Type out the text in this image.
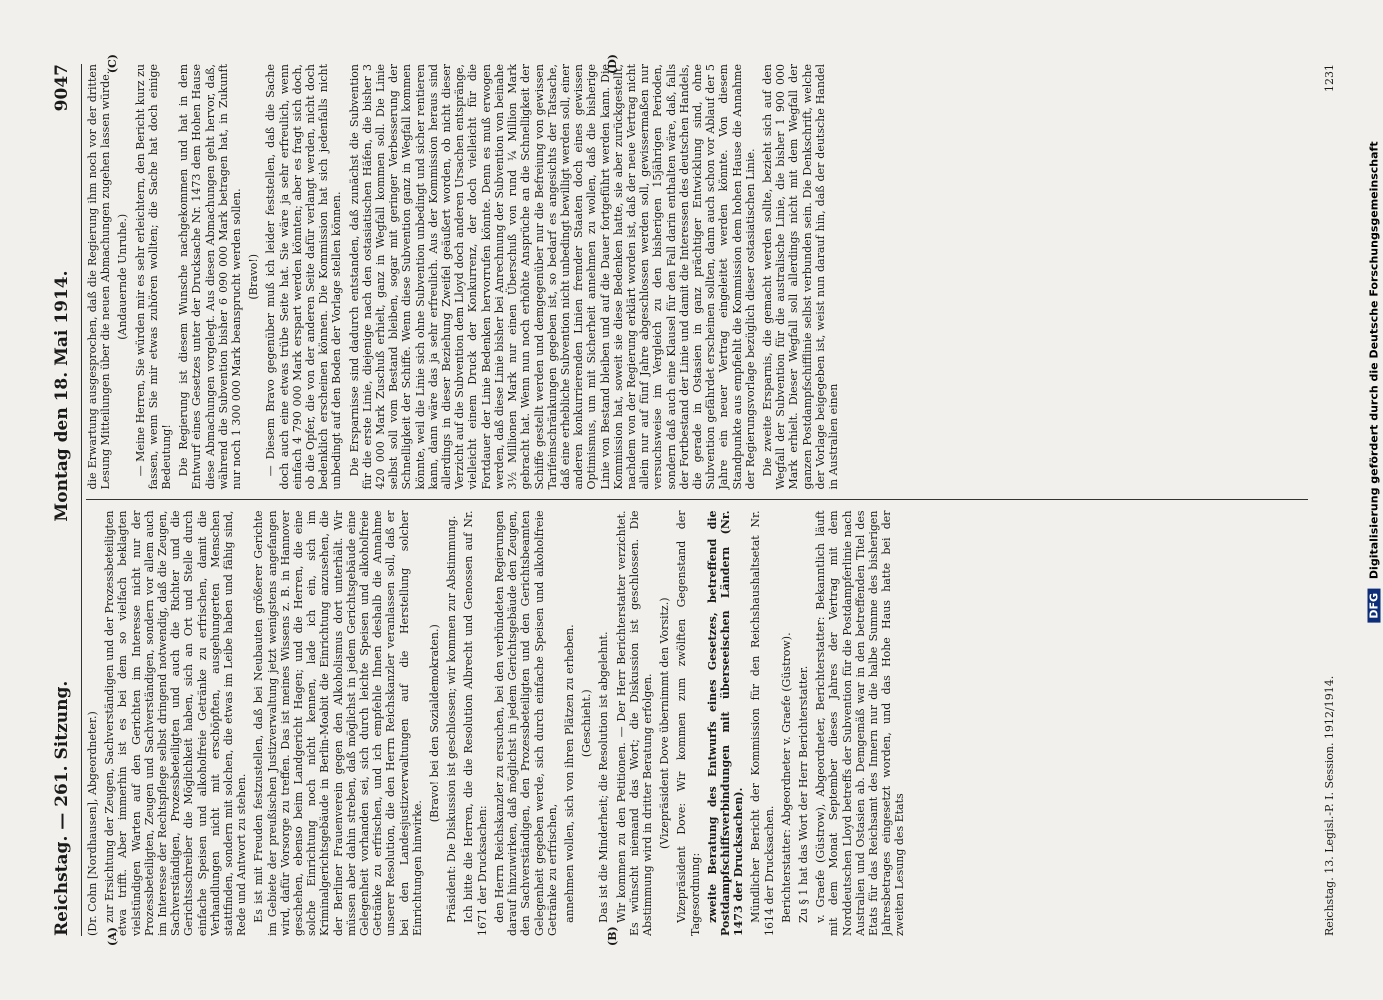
Reichstag. — 261. Sitzung.
Montag den 18. Mai 1914.
9047
(A)	(B)
(C)	(D)

(Dr. Cohn [Nordhausen], Abgeordneter.) zur Ersichtung der Zeugen, Sachverständigen und der Prozessbeteiligten etwa trifft. Aber immerhin ist es bei dem so vielfach beklagten vielstündigen Warten auf den Gerichten im Interesse nicht nur der Prozessbeteiligten, Zeugen und Sachverständigen, sondern vor allem auch im Interesse der Rechtspflege selbst dringend notwendig, daß die Zeugen, Sachverständigen, Prozessbeteiligten und auch die Richter und die Gerichtsschreiber die Möglichkeit haben, sich an Ort und Stelle durch einfache Speisen und alkoholfreie Getränke zu erfrischen, damit die Verhandlungen nicht mit erschöpften, ausgehungerten Menschen stattfinden, sondern mit solchen, die etwas im Leibe haben und fähig sind, Rede und Antwort zu stehen. Es ist mit Freuden festzustellen, daß bei Neubauten größerer Gerichte im Gebiete der preußischen Justizverwaltung jetzt wenigstens angefangen wird, dafür Vorsorge zu treffen. Das ist meines Wissens z. B. in Hannover geschehen, ebenso beim Landgericht Hagen; und die Herren, die eine solche Einrichtung noch nicht kennen, lade ich ein, sich im Kriminalgerichtsgebäude in Berlin-Moabit die Einrichtung anzusehen, die der Berliner Frauenverein gegen den Alkoholismus dort unterhält. Wir müssen aber dahin streben, daß möglichst in jedem Gerichtsgebäude eine Gelegenheit vorhanden sei, sich durch leichte Speisen und alkoholfreie Getränke zu erfrischen, und ich empfehle Ihnen deshalb die Annahme unserer Resolution, die den Herrn Reichskanzler veranlassen soll, daß er bei den Landesjustizverwaltungen auf die Herstellung solcher Einrichtungen hinwirke.

(Bravo! bei den Sozialdemokraten.) Präsident: Die Diskussion ist geschlossen; wir kommen zur Abstimmung. Ich bitte die Herren, die die Resolution Albrecht und Genossen auf Nr. 1671 der Drucksachen: den Herrn Reichskanzler zu ersuchen, bei den verbündeten Regierungen darauf hinzuwirken, daß möglichst in jedem Gerichtsgebäude den Zeugen, den Sachverständigen, den Prozessbeteiligten und den Gerichtsbeamten Gelegenheit gegeben werde, sich durch einfache Speisen und alkoholfreie Getränke zu erfrischen, annehmen wollen, sich von ihren Plätzen zu erheben. (Geschieht.) Das ist die Minderheit; die Resolution ist abgelehnt. Wir kommen zu den Petitionen. — Der Herr Berichterstatter verzichtet. Es wünscht niemand das Wort; die Diskussion ist geschlossen. Die Abstimmung wird in dritter Beratung erfolgen. (Vizepräsident Dove übernimmt den Vorsitz.) Vizepräsident Dove: Wir kommen zum zwölften Gegenstand der Tagesordnung: zweite Beratung des Entwurfs eines Gesetzes, betreffend die Postdampfschiffsverbindungen mit überseeischen Ländern (Nr. 1473 der Drucksachen). Mündlicher Bericht der Kommission für den Reichshaushaltsetat Nr. 1614 der Drucksachen. Berichterstatter: Abgeordneter v. Graefe (Güstrow). Zu § 1 hat das Wort der Herr Berichterstatter. v. Graefe (Güstrow), Abgeordneter, Berichterstatter: Bekanntlich läuft mit dem Monat September dieses Jahres der Vertrag mit dem Norddeutschen Lloyd betreffs der Subvention für die Postdampferlinie nach Australien und Ostasien ab. Demgemäß war in den betreffenden Titel des Etats für das Reichsamt des Innern nur die halbe Summe des bisherigen Jahresbetrages eingesetzt worden, und das Hohe Haus hatte bei der zweiten Lesung des Etats

die Erwartung ausgesprochen, daß die Regierung ihm noch vor der dritten Lesung Mitteilungen über die neuen Abmachungen zugehen lassen würde. (Andauernde Unruhe.) — Meine Herren, Sie würden mir es sehr erleichtern, den Bericht kurz zu fassen, wenn Sie mir etwas zuhören wollten; die Sache hat doch einige Bedeutung! Die Regierung ist diesem Wunsche nachgekommen und hat in dem Entwurf eines Gesetzes unter der Drucksache Nr. 1473 dem Hohen Hause diese Abmachungen vorgelegt. Aus diesen Abmachungen geht hervor, daß, während die Subvention bisher 6 090 000 Mark betragen hat, in Zukunft nur noch 1 300 000 Mark beansprucht werden sollen. (Bravo!) — Diesem Bravo gegenüber muß ich leider feststellen, daß die Sache doch auch eine etwas trübe Seite hat. Sie wäre ja sehr erfreulich, wenn einfach 4 790 000 Mark erspart werden könnten; aber es fragt sich doch, ob die Opfer, die von der anderen Seite dafür verlangt werden, nicht doch bedenklich erscheinen können. Die Kommission hat sich jedenfalls nicht unbedingt auf den Boden der Vorlage stellen können. Die Ersparnisse sind dadurch entstanden, daß zunächst die Subvention für die erste Linie, diejenige nach den ostasiatischen Häfen, die bisher 3 420 000 Mark Zuschuß erhielt, ganz in Wegfall kommen soll. Die Linie selbst soll vom Bestand bleiben, sogar mit geringer Verbesserung der Schnelligkeit der Schiffe. Wenn diese Subvention ganz in Wegfall kommen könnte, weil die Linie sich ohne Subvention unbedingt und sicher rentieren kann, dann wäre das ja sehr erfreulich. Aus der Kommission heraus sind allerdings in dieser Beziehung Zweifel geäußert worden, ob nicht dieser Verzicht auf die Subvention dem Lloyd doch anderen Ursachen entspränge, vielleicht einem Druck der Konkurrenz, der doch vielleicht für die Fortdauer der Linie Bedenken hervorrufen könnte. Denn es muß erwogen werden, daß diese Linie bisher bei Anrechnung der Subvention von beinahe 3½ Millionen Mark nur einen Überschuß von rund ¼ Million Mark gebracht hat. Wenn nun noch erhöhte Ansprüche an die Schnelligkeit der Schiffe gestellt werden und demgegenüber nur die Befreiung von gewissen Tarifeinschränkungen gegeben ist, so bedarf es angesichts der Tatsache, daß eine erhebliche Subvention nicht unbedingt bewilligt werden soll, einer anderen konkurrierenden Linien fremder Staaten doch eines gewissen Optimismus, um mit Sicherheit annehmen zu wollen, daß die bisherige Linie von Bestand bleiben und auf die Dauer fortgeführt werden kann. Die Kommission hat, soweit sie diese Bedenken hatte, sie aber zurückgestellt, nachdem von der Regierung erklärt worden ist, daß der neue Vertrag nicht allein nur auf fünf Jahre abgeschlossen werden soll, gewissermaßen nur versuchsweise im Vergleich zu den bisherigen 15jährigen Perioden, sondern daß auch eine Klausel für den Fall darin enthalten wäre, daß, falls der Fortbestand der Linie und damit die Interessen des deutschen Handels, die gerade in Ostasien in ganz prächtiger Entwicklung sind, ohne Subvention gefährdet erscheinen sollten, dann auch schon vor Ablauf der 5 Jahre ein neuer Vertrag eingeleitet werden könnte. Von diesem Standpunkte aus empfiehlt die Kommission dem hohen Hause die Annahme der Regierungsvorlage bezüglich dieser ostasiatischen Linie. Die zweite Ersparnis, die gemacht werden sollte, bezieht sich auf den Wegfall der Subvention für die australische Linie, die bisher 1 900 000 Mark erhielt. Dieser Wegfall soll allerdings nicht mit dem Wegfall der ganzen Postdampfschifflinie selbst verbunden sein. Die Denkschrift, welche der Vorlage beigegeben ist, weist nun darauf hin, daß der deutsche Handel in Australien einen

Reichstag. 13. Legisl.-P. I. Session. 1912/1914.
1231
DFG Digitalisierung gefördert durch die Deutsche Forschungsgemeinschaft
